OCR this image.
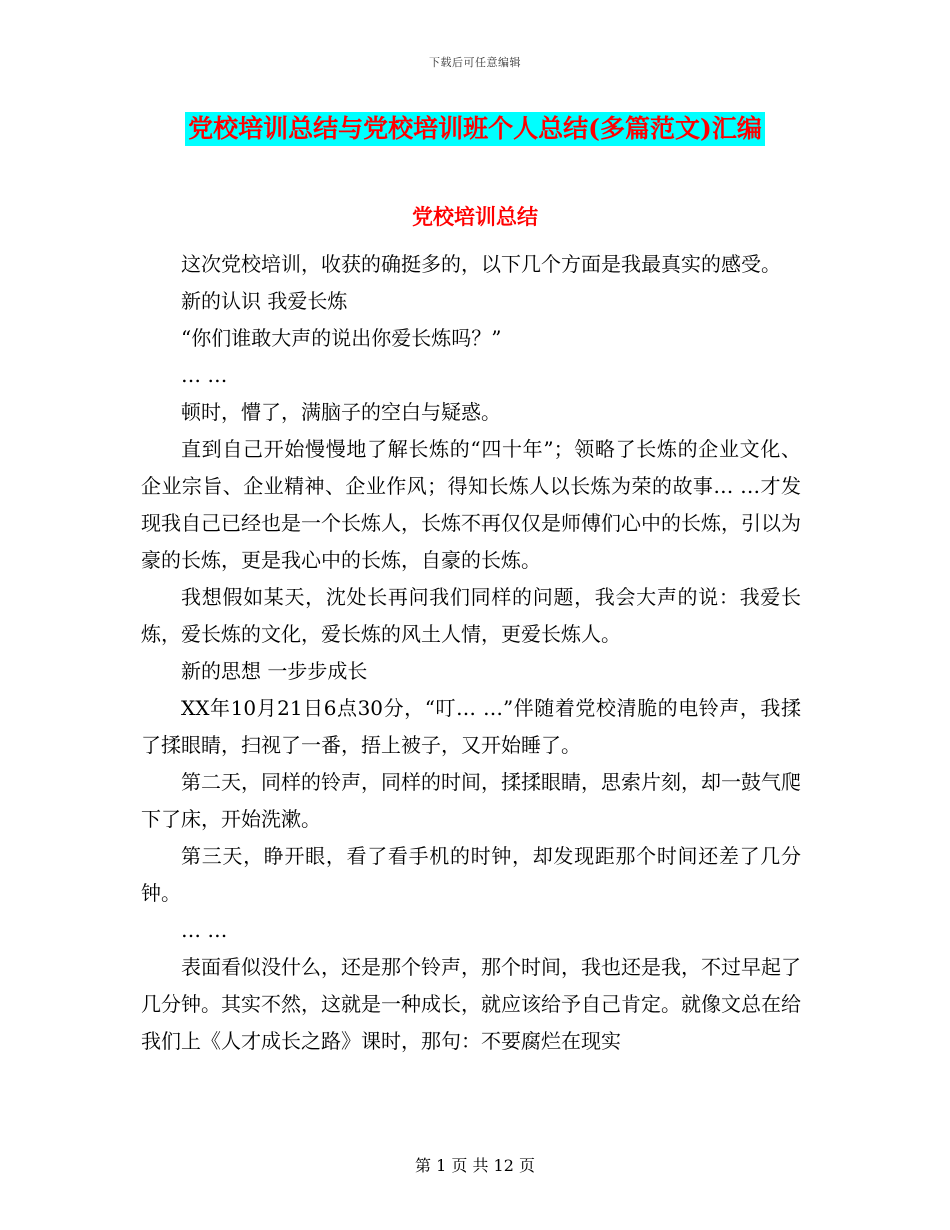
下载后可任意编辑
党校培训总结与党校培训班个人总结(多篇范文)汇编
党校培训总结

这次党校培训，收获的确挺多的，以下几个方面是我最真实的感受。

新的认识 我爱长炼

“你们谁敢大声的说出你爱长炼吗？”

… …

顿时，懵了，满脑子的空白与疑惑。

直到自己开始慢慢地了解长炼的“四十年”；领略了长炼的企业文化、企业宗旨、企业精神、企业作风；得知长炼人以长炼为荣的故事… …才发现我自己已经也是一个长炼人，长炼不再仅仅是师傅们心中的长炼，引以为豪的长炼，更是我心中的长炼，自豪的长炼。

我想假如某天，沈处长再问我们同样的问题，我会大声的说：我爱长炼，爱长炼的文化，爱长炼的风土人情，更爱长炼人。

新的思想 一步步成长

XX年10月21日6点30分，“叮… …”伴随着党校清脆的电铃声，我揉了揉眼睛，扫视了一番，捂上被子，又开始睡了。

第二天，同样的铃声，同样的时间，揉揉眼睛，思索片刻，却一鼓气爬下了床，开始洗漱。

第三天，睁开眼，看了看手机的时钟，却发现距那个时间还差了几分钟。

… …

表面看似没什么，还是那个铃声，那个时间，我也还是我，不过早起了几分钟。其实不然，这就是一种成长，就应该给予自己肯定。就像文总在给我们上《人才成长之路》课时，那句：不要腐烂在现实

第 1 页 共 12 页
